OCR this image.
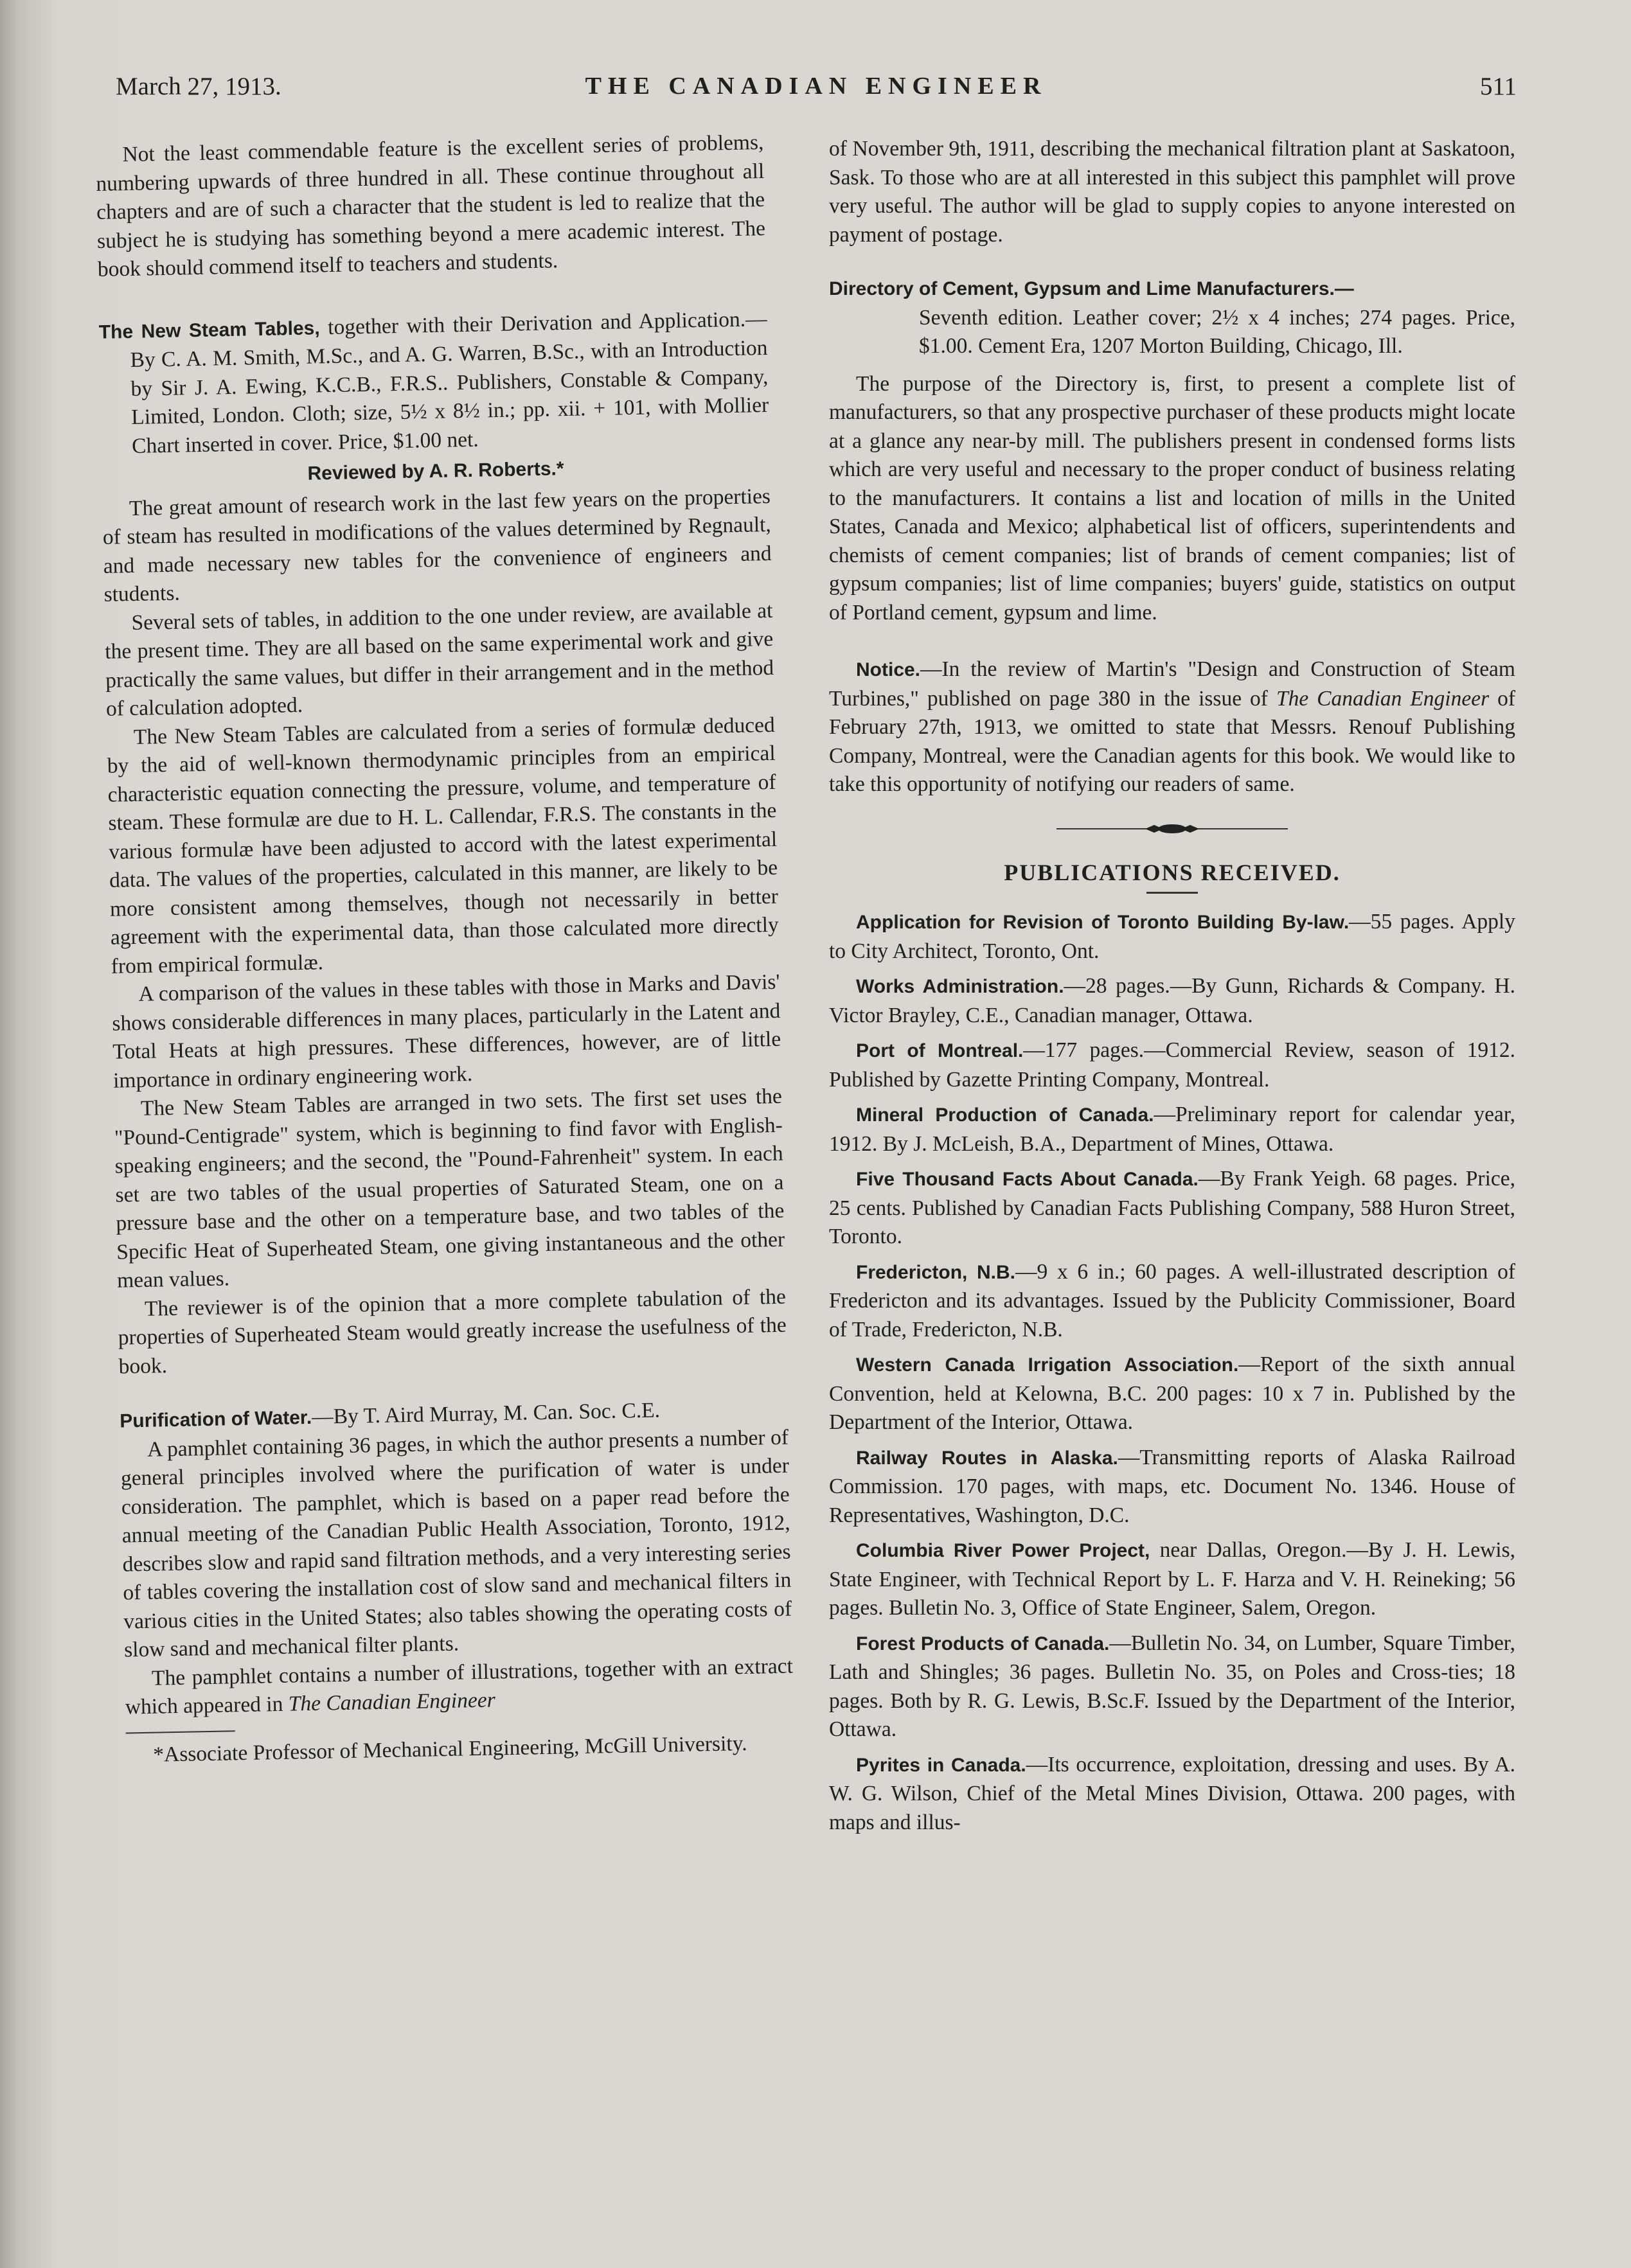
March 27, 1913.	THE CANADIAN ENGINEER	511

Not the least commendable feature is the excellent series of problems, numbering upwards of three hundred in all. These continue throughout all chapters and are of such a character that the student is led to realize that the subject he is studying has something beyond a mere academic interest. The book should commend itself to teachers and students.

The New Steam Tables, together with their Derivation and Application.—By C. A. M. Smith, M.Sc., and A. G. Warren, B.Sc., with an Introduction by Sir J. A. Ewing, K.C.B., F.R.S.. Publishers, Constable & Company, Limited, London. Cloth; size, 5½ x 8½ in.; pp. xii. + 101, with Mollier Chart inserted in cover. Price, $1.00 net.

Reviewed by A. R. Roberts.*

The great amount of research work in the last few years on the properties of steam has resulted in modifications of the values determined by Regnault, and made necessary new tables for the convenience of engineers and students.

Several sets of tables, in addition to the one under review, are available at the present time. They are all based on the same experimental work and give practically the same values, but differ in their arrangement and in the method of calculation adopted.

The New Steam Tables are calculated from a series of formulæ deduced by the aid of well-known thermodynamic principles from an empirical characteristic equation connecting the pressure, volume, and temperature of steam. These formulæ are due to H. L. Callendar, F.R.S. The constants in the various formulæ have been adjusted to accord with the latest experimental data. The values of the properties, calculated in this manner, are likely to be more consistent among themselves, though not necessarily in better agreement with the experimental data, than those calculated more directly from empirical formulæ.

A comparison of the values in these tables with those in Marks and Davis' shows considerable differences in many places, particularly in the Latent and Total Heats at high pressures. These differences, however, are of little importance in ordinary engineering work.

The New Steam Tables are arranged in two sets. The first set uses the "Pound-Centigrade" system, which is beginning to find favor with English-speaking engineers; and the second, the "Pound-Fahrenheit" system. In each set are two tables of the usual properties of Saturated Steam, one on a pressure base and the other on a temperature base, and two tables of the Specific Heat of Superheated Steam, one giving instantaneous and the other mean values.

The reviewer is of the opinion that a more complete tabulation of the properties of Superheated Steam would greatly increase the usefulness of the book.

Purification of Water.—By T. Aird Murray, M. Can. Soc. C.E.

A pamphlet containing 36 pages, in which the author presents a number of general principles involved where the purification of water is under consideration. The pamphlet, which is based on a paper read before the annual meeting of the Canadian Public Health Association, Toronto, 1912, describes slow and rapid sand filtration methods, and a very interesting series of tables covering the installation cost of slow sand and mechanical filters in various cities in the United States; also tables showing the operating costs of slow sand and mechanical filter plants.

The pamphlet contains a number of illustrations, together with an extract which appeared in The Canadian Engineer

*Associate Professor of Mechanical Engineering, McGill University.

of November 9th, 1911, describing the mechanical filtration plant at Saskatoon, Sask. To those who are at all interested in this subject this pamphlet will prove very useful. The author will be glad to supply copies to anyone interested on payment of postage.

Directory of Cement, Gypsum and Lime Manufacturers.—

Seventh edition. Leather cover; 2½ x 4 inches; 274 pages. Price, $1.00. Cement Era, 1207 Morton Building, Chicago, Ill.

The purpose of the Directory is, first, to present a complete list of manufacturers, so that any prospective purchaser of these products might locate at a glance any near-by mill. The publishers present in condensed forms lists which are very useful and necessary to the proper conduct of business relating to the manufacturers. It contains a list and location of mills in the United States, Canada and Mexico; alphabetical list of officers, superintendents and chemists of cement companies; list of brands of cement companies; list of gypsum companies; list of lime companies; buyers' guide, statistics on output of Portland cement, gypsum and lime.

Notice.—In the review of Martin's "Design and Construction of Steam Turbines," published on page 380 in the issue of The Canadian Engineer of February 27th, 1913, we omitted to state that Messrs. Renouf Publishing Company, Montreal, were the Canadian agents for this book. We would like to take this opportunity of notifying our readers of same.

PUBLICATIONS RECEIVED.

Application for Revision of Toronto Building By-law.—55 pages. Apply to City Architect, Toronto, Ont.

Works Administration.—28 pages.—By Gunn, Richards & Company. H. Victor Brayley, C.E., Canadian manager, Ottawa.

Port of Montreal.—177 pages.—Commercial Review, season of 1912. Published by Gazette Printing Company, Montreal.

Mineral Production of Canada.—Preliminary report for calendar year, 1912. By J. McLeish, B.A., Department of Mines, Ottawa.

Five Thousand Facts About Canada.—By Frank Yeigh. 68 pages. Price, 25 cents. Published by Canadian Facts Publishing Company, 588 Huron Street, Toronto.

Fredericton, N.B.—9 x 6 in.; 60 pages. A well-illustrated description of Fredericton and its advantages. Issued by the Publicity Commissioner, Board of Trade, Fredericton, N.B.

Western Canada Irrigation Association.—Report of the sixth annual Convention, held at Kelowna, B.C. 200 pages: 10 x 7 in. Published by the Department of the Interior, Ottawa.

Railway Routes in Alaska.—Transmitting reports of Alaska Railroad Commission. 170 pages, with maps, etc. Document No. 1346. House of Representatives, Washington, D.C.

Columbia River Power Project, near Dallas, Oregon.—By J. H. Lewis, State Engineer, with Technical Report by L. F. Harza and V. H. Reineking; 56 pages. Bulletin No. 3, Office of State Engineer, Salem, Oregon.

Forest Products of Canada.—Bulletin No. 34, on Lumber, Square Timber, Lath and Shingles; 36 pages. Bulletin No. 35, on Poles and Cross-ties; 18 pages. Both by R. G. Lewis, B.Sc.F. Issued by the Department of the Interior, Ottawa.

Pyrites in Canada.—Its occurrence, exploitation, dressing and uses. By A. W. G. Wilson, Chief of the Metal Mines Division, Ottawa. 200 pages, with maps and illus-
